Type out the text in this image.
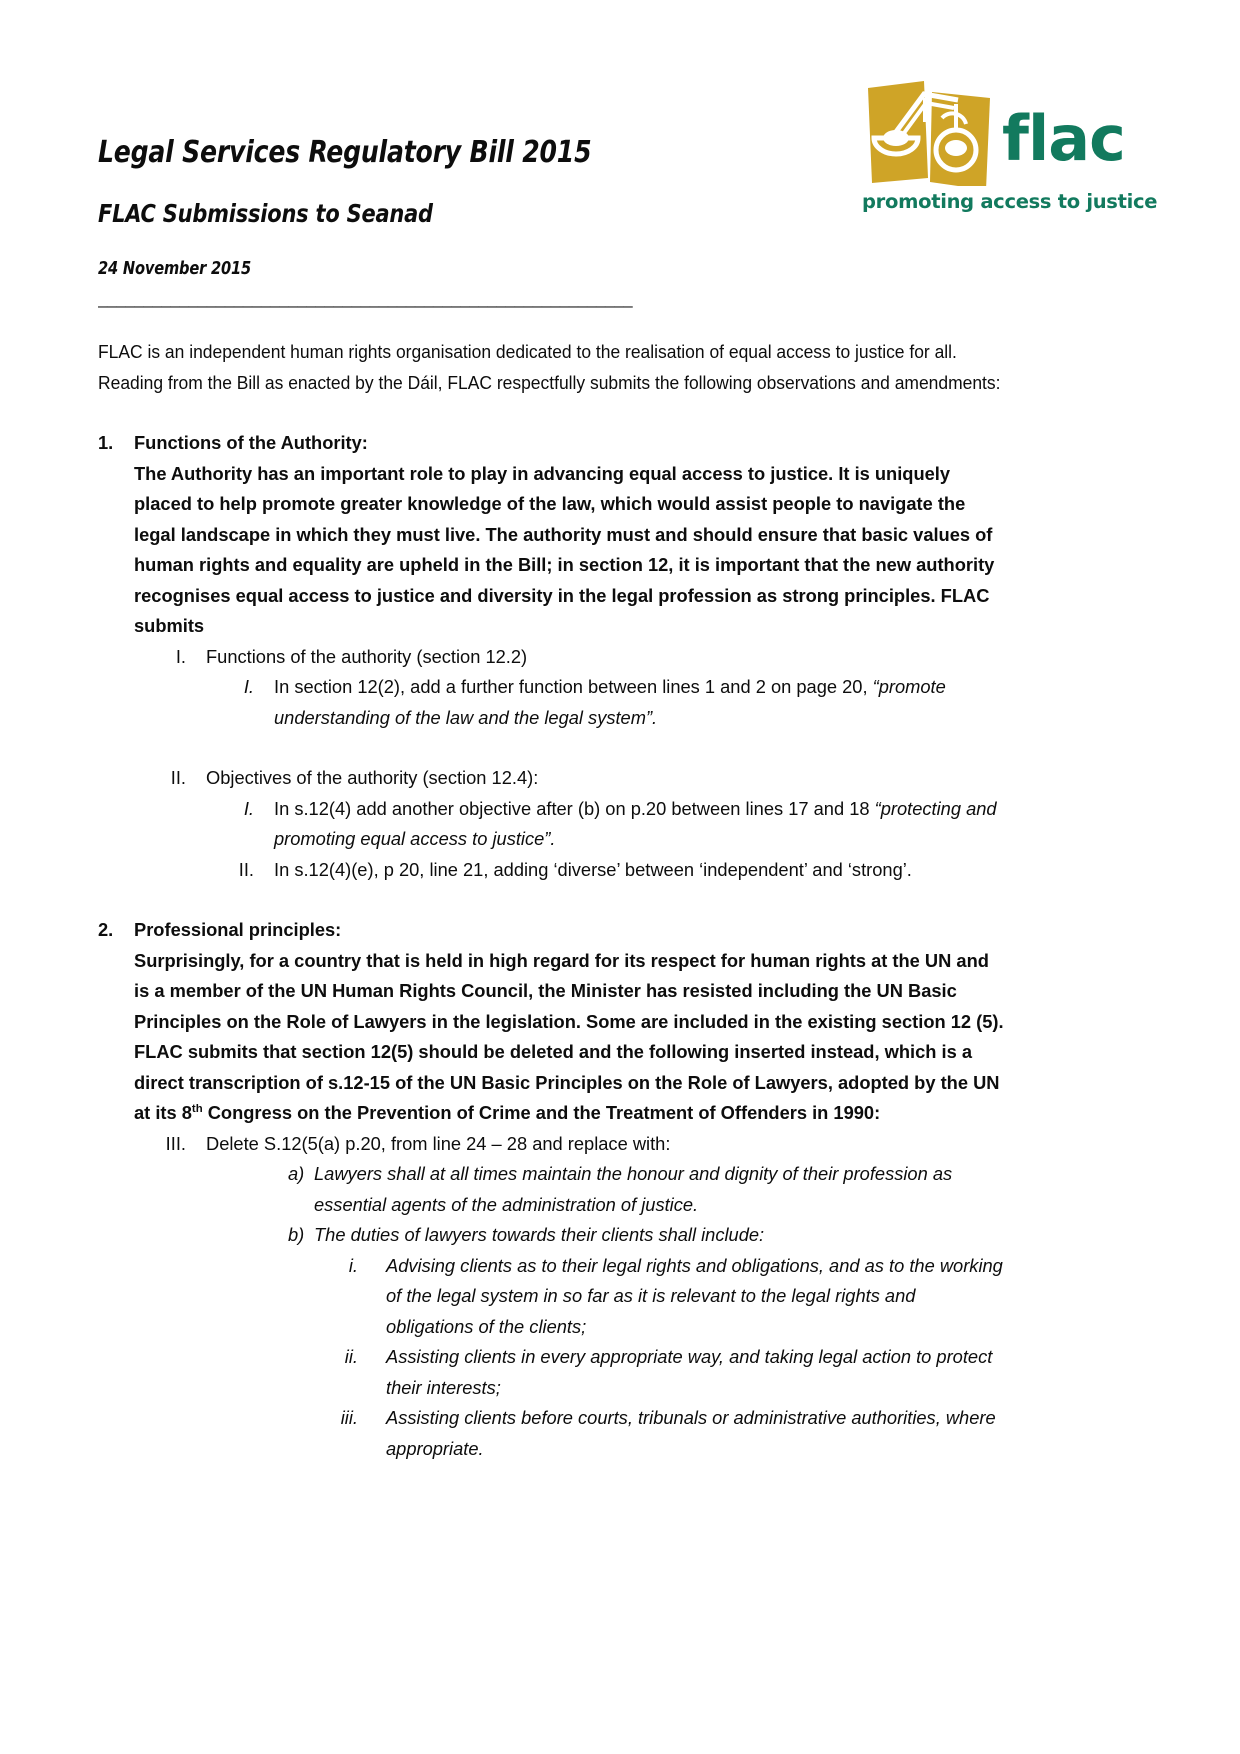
flac
promoting access to justice
Legal Services Regulatory Bill 2015
FLAC Submissions to Seanad

24 November 2015

___________________________________________________________

FLAC is an independent human rights organisation dedicated to the realisation of equal access to justice for all. Reading from the Bill as enacted by the Dáil, FLAC respectfully submits the following observations and amendments:

1.	Functions of the Authority:
The Authority has an important role to play in advancing equal access to justice. It is uniquely placed to help promote greater knowledge of the law, which would assist people to navigate the legal landscape in which they must live. The authority must and should ensure that basic values of human rights and equality are upheld in the Bill; in section 12, it is important that the new authority recognises equal access to justice and diversity in the legal profession as strong principles. FLAC submits
I.	Functions of the authority (section 12.2)
I.	In section 12(2), add a further function between lines 1 and 2 on page 20, “promote understanding of the law and the legal system”.
II.	Objectives of the authority (section 12.4):
I.	In s.12(4) add another objective after (b) on p.20 between lines 17 and 18 “protecting and promoting equal access to justice”.
II.	In s.12(4)(e), p 20, line 21, adding ‘diverse’ between ‘independent’ and ‘strong’.
2.	Professional principles:
Surprisingly, for a country that is held in high regard for its respect for human rights at the UN and is a member of the UN Human Rights Council, the Minister has resisted including the UN Basic Principles on the Role of Lawyers in the legislation. Some are included in the existing section 12 (5). FLAC submits that section 12(5) should be deleted and the following inserted instead, which is a direct transcription of s.12-15 of the UN Basic Principles on the Role of Lawyers, adopted by the UN at its 8th Congress on the Prevention of Crime and the Treatment of Offenders in 1990:
III.	Delete S.12(5(a) p.20, from line 24 – 28 and replace with:
a) Lawyers shall at all times maintain the honour and dignity of their profession as essential agents of the administration of justice.
b) The duties of lawyers towards their clients shall include:
i.	Advising clients as to their legal rights and obligations, and as to the working of the legal system in so far as it is relevant to the legal rights and obligations of the clients;
ii.	Assisting clients in every appropriate way, and taking legal action to protect their interests;
iii.	Assisting clients before courts, tribunals or administrative authorities, where appropriate.
